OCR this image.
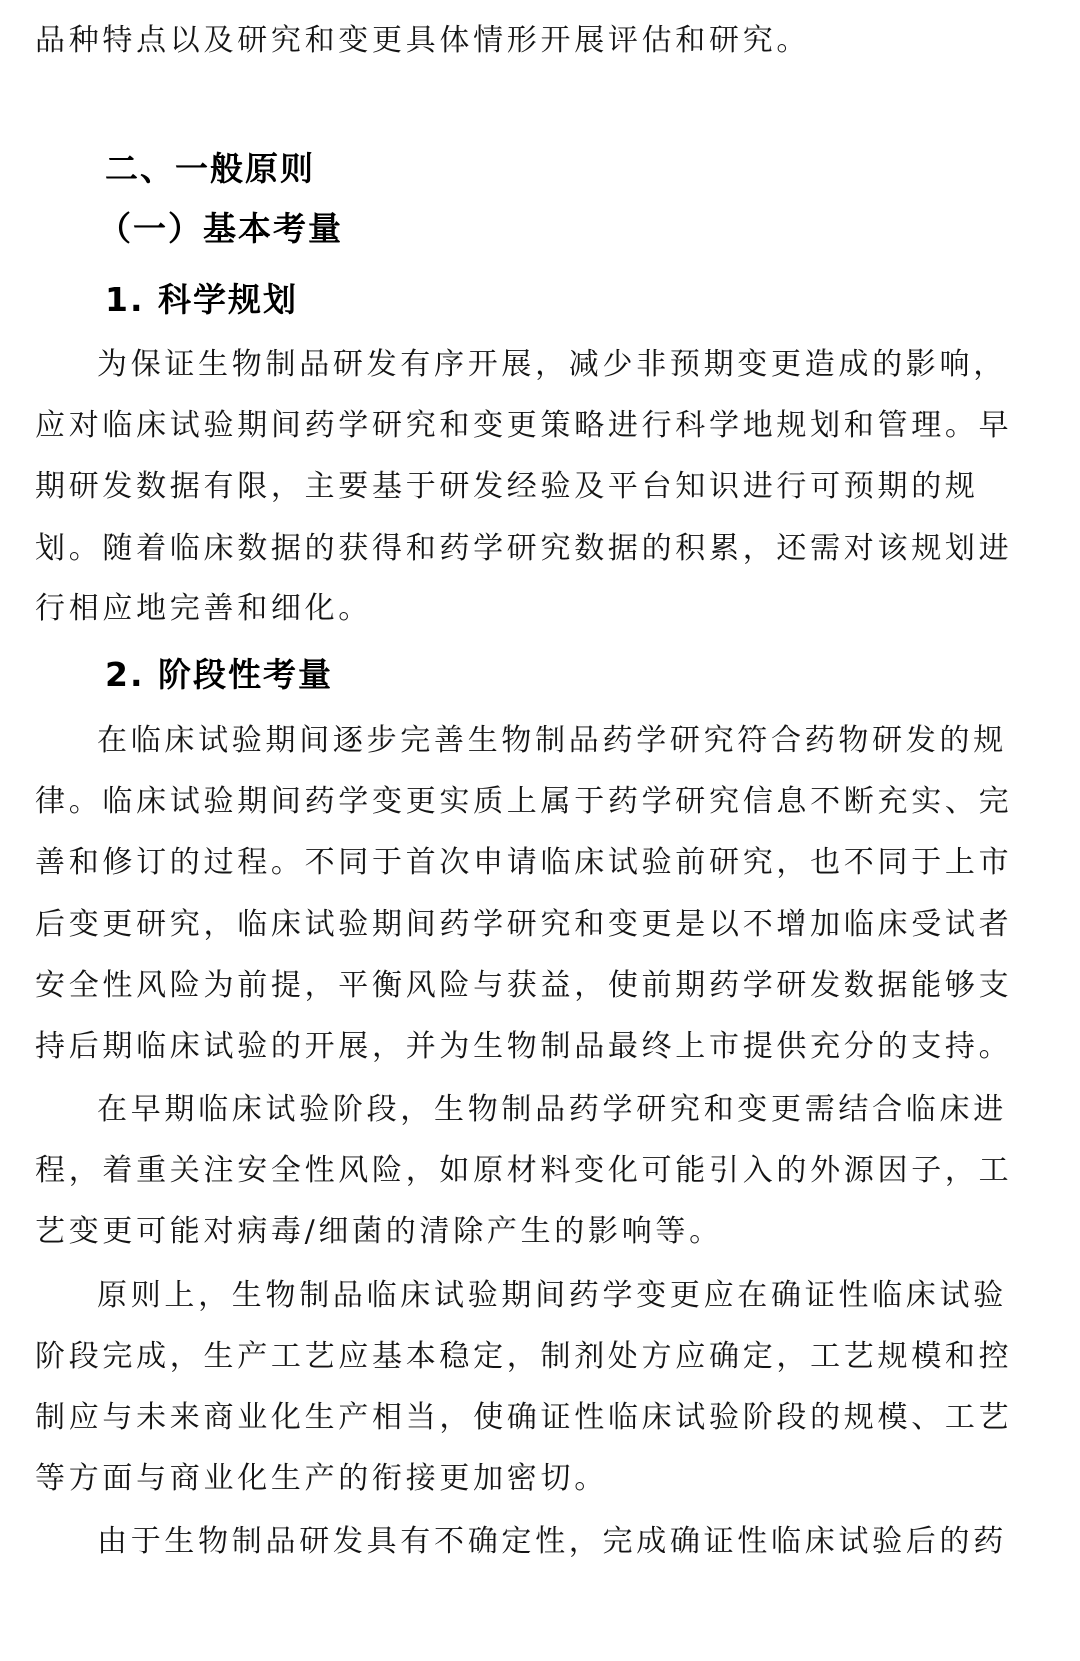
品种特点以及研究和变更具体情形开展评估和研究。
二、一般原则
（一）基本考量
1. 科学规划
为保证生物制品研发有序开展，减少非预期变更造成的影响，
应对临床试验期间药学研究和变更策略进行科学地规划和管理。早
期研发数据有限，主要基于研发经验及平台知识进行可预期的规
划。随着临床数据的获得和药学研究数据的积累，还需对该规划进
行相应地完善和细化。
2. 阶段性考量
在临床试验期间逐步完善生物制品药学研究符合药物研发的规
律。临床试验期间药学变更实质上属于药学研究信息不断充实、完
善和修订的过程。不同于首次申请临床试验前研究，也不同于上市
后变更研究，临床试验期间药学研究和变更是以不增加临床受试者
安全性风险为前提，平衡风险与获益，使前期药学研发数据能够支
持后期临床试验的开展，并为生物制品最终上市提供充分的支持。
在早期临床试验阶段，生物制品药学研究和变更需结合临床进
程，着重关注安全性风险，如原材料变化可能引入的外源因子，工
艺变更可能对病毒/细菌的清除产生的影响等。
原则上，生物制品临床试验期间药学变更应在确证性临床试验
阶段完成，生产工艺应基本稳定，制剂处方应确定，工艺规模和控
制应与未来商业化生产相当，使确证性临床试验阶段的规模、工艺
等方面与商业化生产的衔接更加密切。
由于生物制品研发具有不确定性，完成确证性临床试验后的药
